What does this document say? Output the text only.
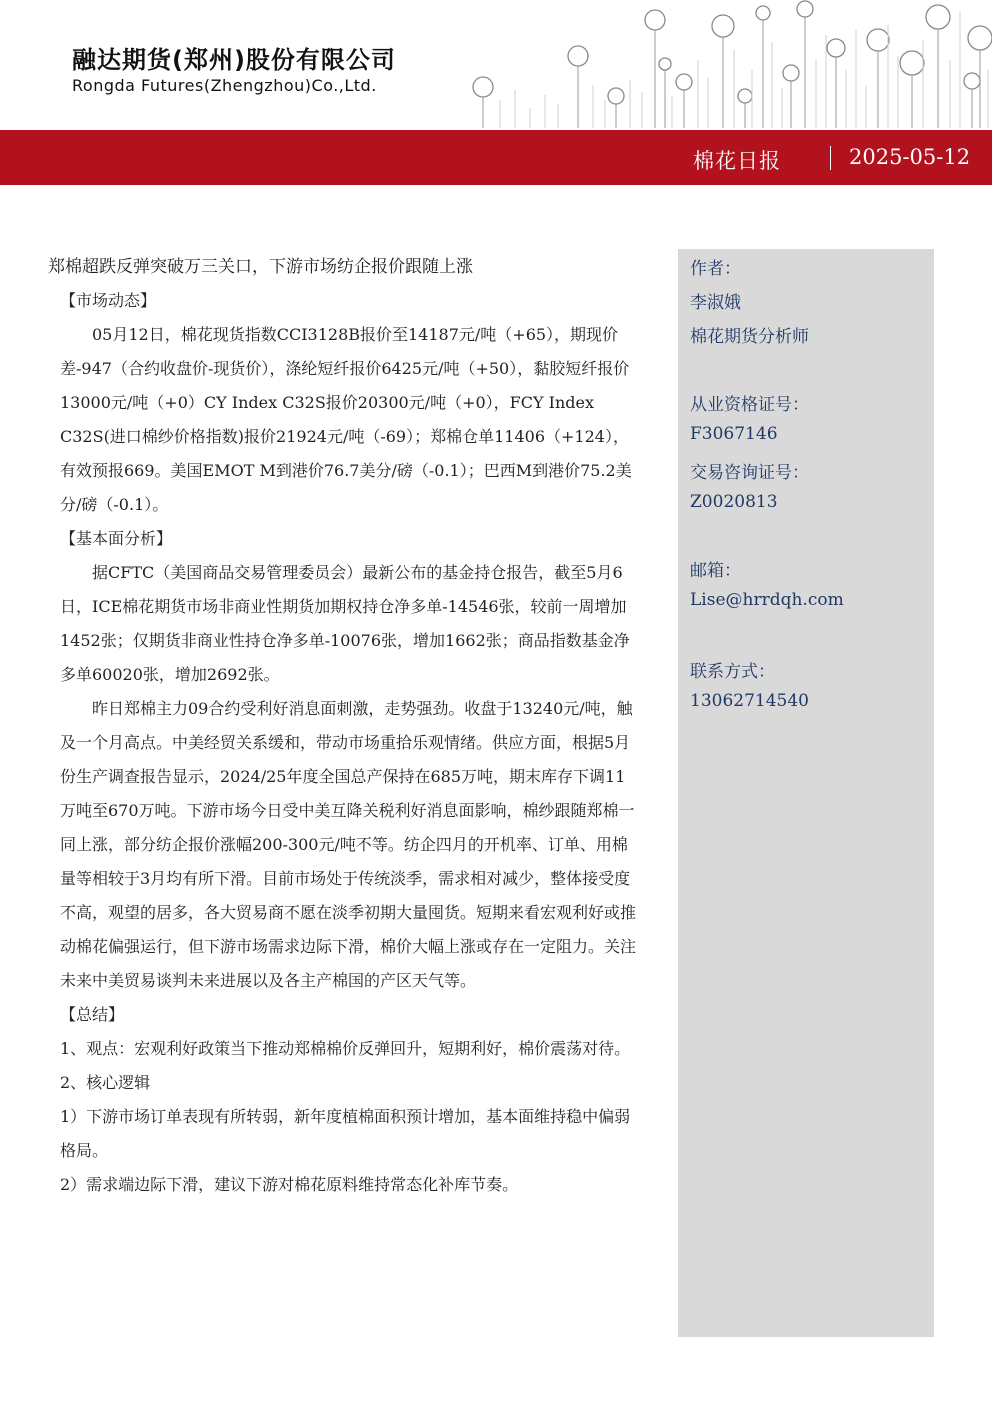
融达期货(郑州)股份有限公司
Rongda Futures(Zhengzhou)Co.,Ltd.
棉花日报	2025-05-12
郑棉超跌反弹突破万三关口，下游市场纺企报价跟随上涨

【市场动态】

05月12日，棉花现货指数CCI3128B报价至14187元/吨（+65），期现价差-947（合约收盘价-现货价），涤纶短纤报价6425元/吨（+50），黏胶短纤报价13000元/吨（+0）CY Index C32S报价20300元/吨（+0），FCY Index C32S(进口棉纱价格指数)报价21924元/吨（-69）；郑棉仓单11406（+124），有效预报669。美国EMOT M到港价76.7美分/磅（-0.1）；巴西M到港价75.2美分/磅（-0.1）。

【基本面分析】

据CFTC（美国商品交易管理委员会）最新公布的基金持仓报告，截至5月6日，ICE棉花期货市场非商业性期货加期权持仓净多单-14546张，较前一周增加1452张；仅期货非商业性持仓净多单-10076张，增加1662张；商品指数基金净多单60020张，增加2692张。

昨日郑棉主力09合约受利好消息面刺激，走势强劲。收盘于13240元/吨，触及一个月高点。中美经贸关系缓和，带动市场重拾乐观情绪。供应方面，根据5月份生产调查报告显示，2024/25年度全国总产保持在685万吨，期末库存下调11万吨至670万吨。下游市场今日受中美互降关税利好消息面影响，棉纱跟随郑棉一同上涨，部分纺企报价涨幅200-300元/吨不等。纺企四月的开机率、订单、用棉量等相较于3月均有所下滑。目前市场处于传统淡季，需求相对减少，整体接受度不高，观望的居多，各大贸易商不愿在淡季初期大量囤货。短期来看宏观利好或推动棉花偏强运行，但下游市场需求边际下滑，棉价大幅上涨或存在一定阻力。关注未来中美贸易谈判未来进展以及各主产棉国的产区天气等。

【总结】

1、观点：宏观利好政策当下推动郑棉棉价反弹回升，短期利好，棉价震荡对待。

2、核心逻辑

1）下游市场订单表现有所转弱，新年度植棉面积预计增加，基本面维持稳中偏弱格局。

2）需求端边际下滑，建议下游对棉花原料维持常态化补库节奏。

作者：
李淑娥
棉花期货分析师
从业资格证号：
F3067146
交易咨询证号：
Z0020813
邮箱：
Lise@hrrdqh.com
联系方式：
13062714540
